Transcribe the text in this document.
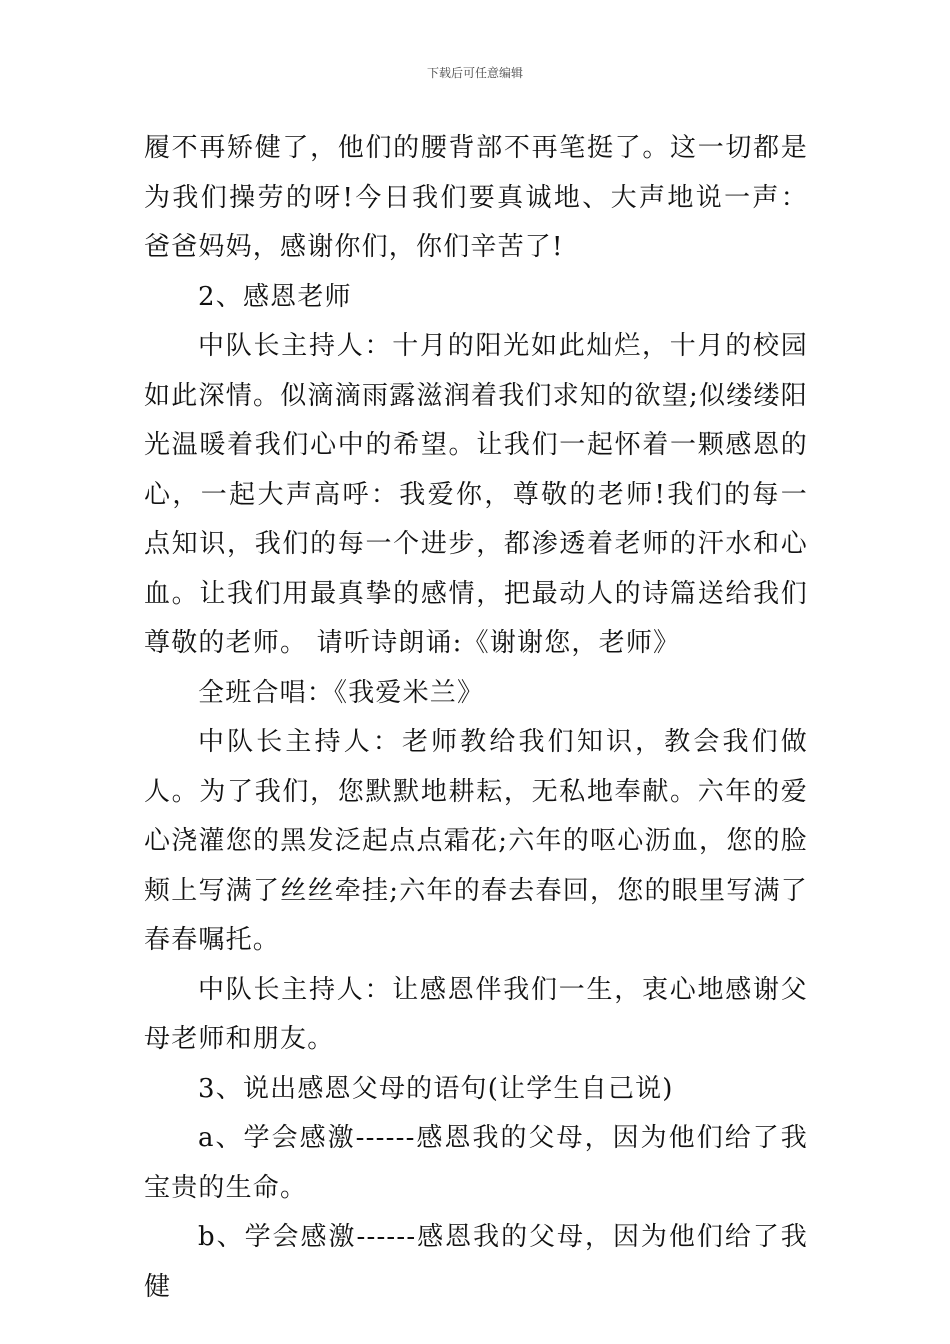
下载后可任意编辑

履不再矫健了，他们的腰背部不再笔挺了。这一切都是为我们操劳的呀!今日我们要真诚地、大声地说一声：爸爸妈妈，感谢你们，你们辛苦了!

2、感恩老师

中队长主持人：十月的阳光如此灿烂，十月的校园如此深情。似滴滴雨露滋润着我们求知的欲望;似缕缕阳光温暖着我们心中的希望。让我们一起怀着一颗感恩的心，一起大声高呼：我爱你，尊敬的老师!我们的每一点知识，我们的每一个进步，都渗透着老师的汗水和心血。让我们用最真挚的感情，把最动人的诗篇送给我们尊敬的老师。 请听诗朗诵:《谢谢您，老师》

全班合唱：《我爱米兰》

中队长主持人：老师教给我们知识，教会我们做人。为了我们，您默默地耕耘，无私地奉献。六年的爱心浇灌您的黑发泛起点点霜花;六年的呕心沥血，您的脸颊上写满了丝丝牵挂;六年的春去春回，您的眼里写满了春春嘱托。

中队长主持人：让感恩伴我们一生，衷心地感谢父母老师和朋友。

3、说出感恩父母的语句(让学生自己说)

a、学会感激------感恩我的父母，因为他们给了我宝贵的生命。

b、学会感激------感恩我的父母，因为他们给了我健
